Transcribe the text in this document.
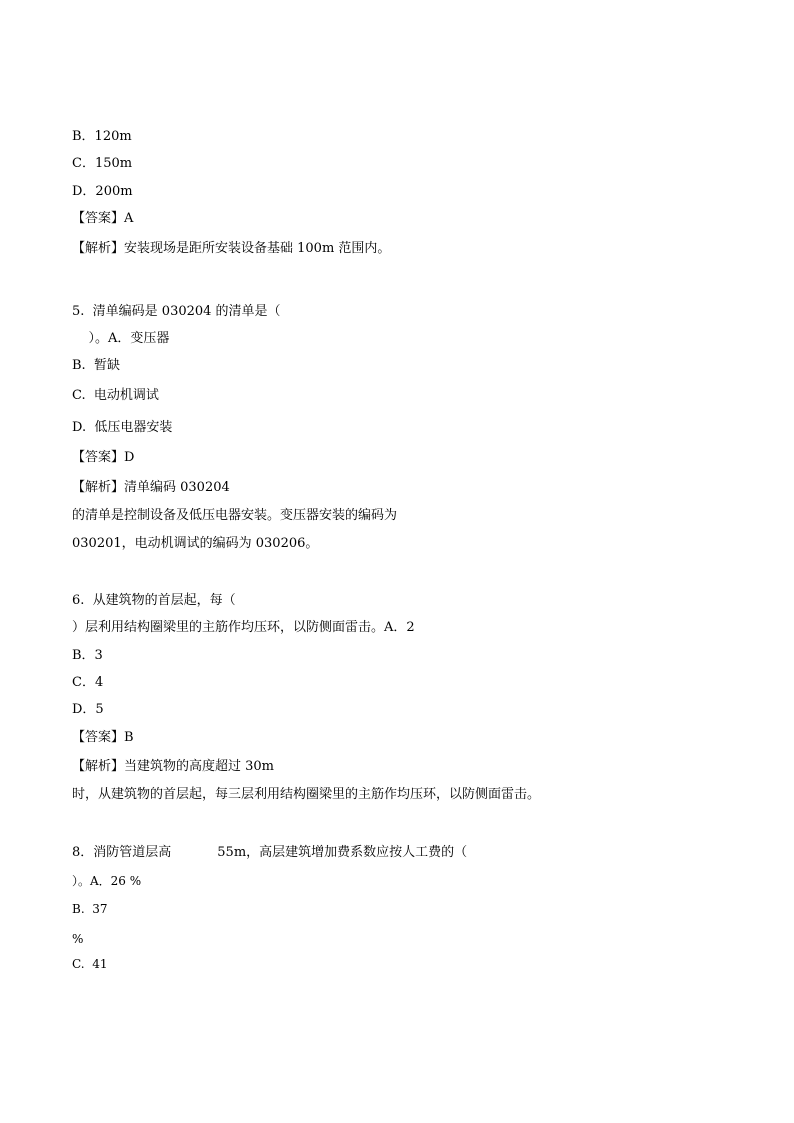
B．120m
C．150m
D．200m
【答案】A
【解析】安装现场是距所安装设备基础 100m 范围内。
5.  清单编码是 030204 的清单是（
）。A．变压器
B.  暂缺
C.  电动机调试
D.  低压电器安装
【答案】D
【解析】清单编码 030204
的清单是控制设备及低压电器安装。变压器安装的编码为
030201，电动机调试的编码为 030206。
6.  从建筑物的首层起，每（
）层利用结构圈梁里的主筋作均压环，以防侧面雷击。A．2
B．3
C．4
D．5
【答案】B
【解析】当建筑物的高度超过 30m
时，从建筑物的首层起，每三层利用结构圈梁里的主筋作均压环，以防侧面雷击。
8．消防管道层高	55m，高层建筑增加费系数应按人工费的（
）。A．26 %
B.  37
%
C.  41
